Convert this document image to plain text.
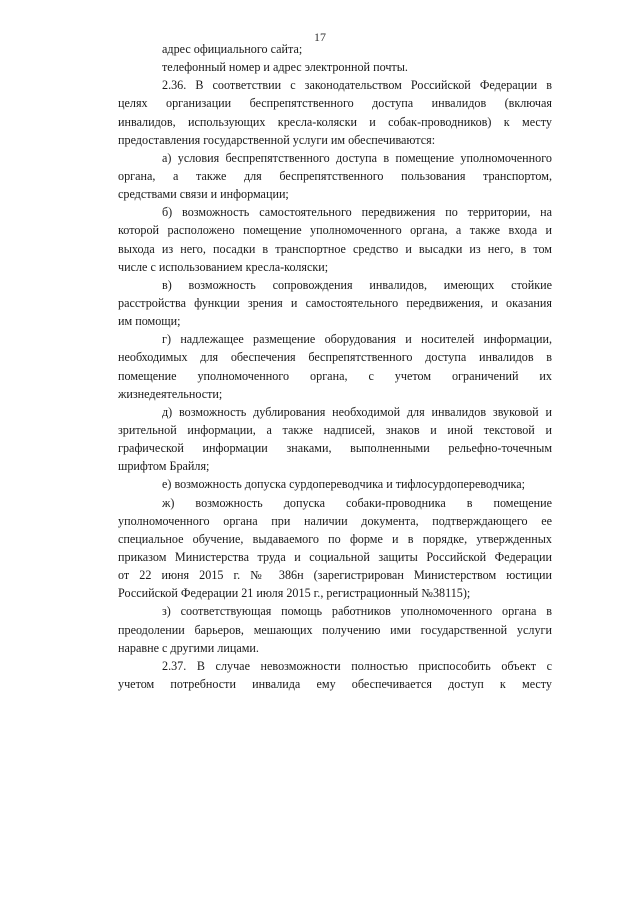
17
адрес официального сайта;
телефонный номер и адрес электронной почты.
2.36. В соответствии с законодательством Российской Федерации в
целях организации беспрепятственного доступа инвалидов (включая
инвалидов, использующих кресла-коляски и собак-проводников) к месту
предоставления государственной услуги им обеспечиваются:
а) условия беспрепятственного доступа в помещение уполномоченного
органа, а также для беспрепятственного пользования транспортом,
средствами связи и информации;
б) возможность самостоятельного передвижения по территории, на
которой расположено помещение уполномоченного органа, а также входа и
выхода из него, посадки в транспортное средство и высадки из него, в том
числе с использованием кресла-коляски;
в) возможность сопровождения инвалидов, имеющих стойкие
расстройства функции зрения и самостоятельного передвижения, и оказания
им помощи;
г) надлежащее размещение оборудования и носителей информации,
необходимых для обеспечения беспрепятственного доступа инвалидов в
помещение уполномоченного органа, с учетом ограничений их
жизнедеятельности;
д) возможность дублирования необходимой для инвалидов звуковой и
зрительной информации, а также надписей, знаков и иной текстовой и
графической информации знаками, выполненными рельефно-точечным
шрифтом Брайля;
е) возможность допуска сурдопереводчика и тифлосурдопереводчика;
ж) возможность допуска собаки-проводника в помещение
уполномоченного органа при наличии документа, подтверждающего ее
специальное обучение, выдаваемого по форме и в порядке, утвержденных
приказом Министерства труда и социальной защиты Российской Федерации
от 22 июня 2015 г. № 386н (зарегистрирован Министерством юстиции
Российской Федерации 21 июля 2015 г., регистрационный №38115);
з) соответствующая помощь работников уполномоченного органа в
преодолении барьеров, мешающих получению ими государственной услуги
наравне с другими лицами.
2.37. В случае невозможности полностью приспособить объект с
учетом потребности инвалида ему обеспечивается доступ к месту
